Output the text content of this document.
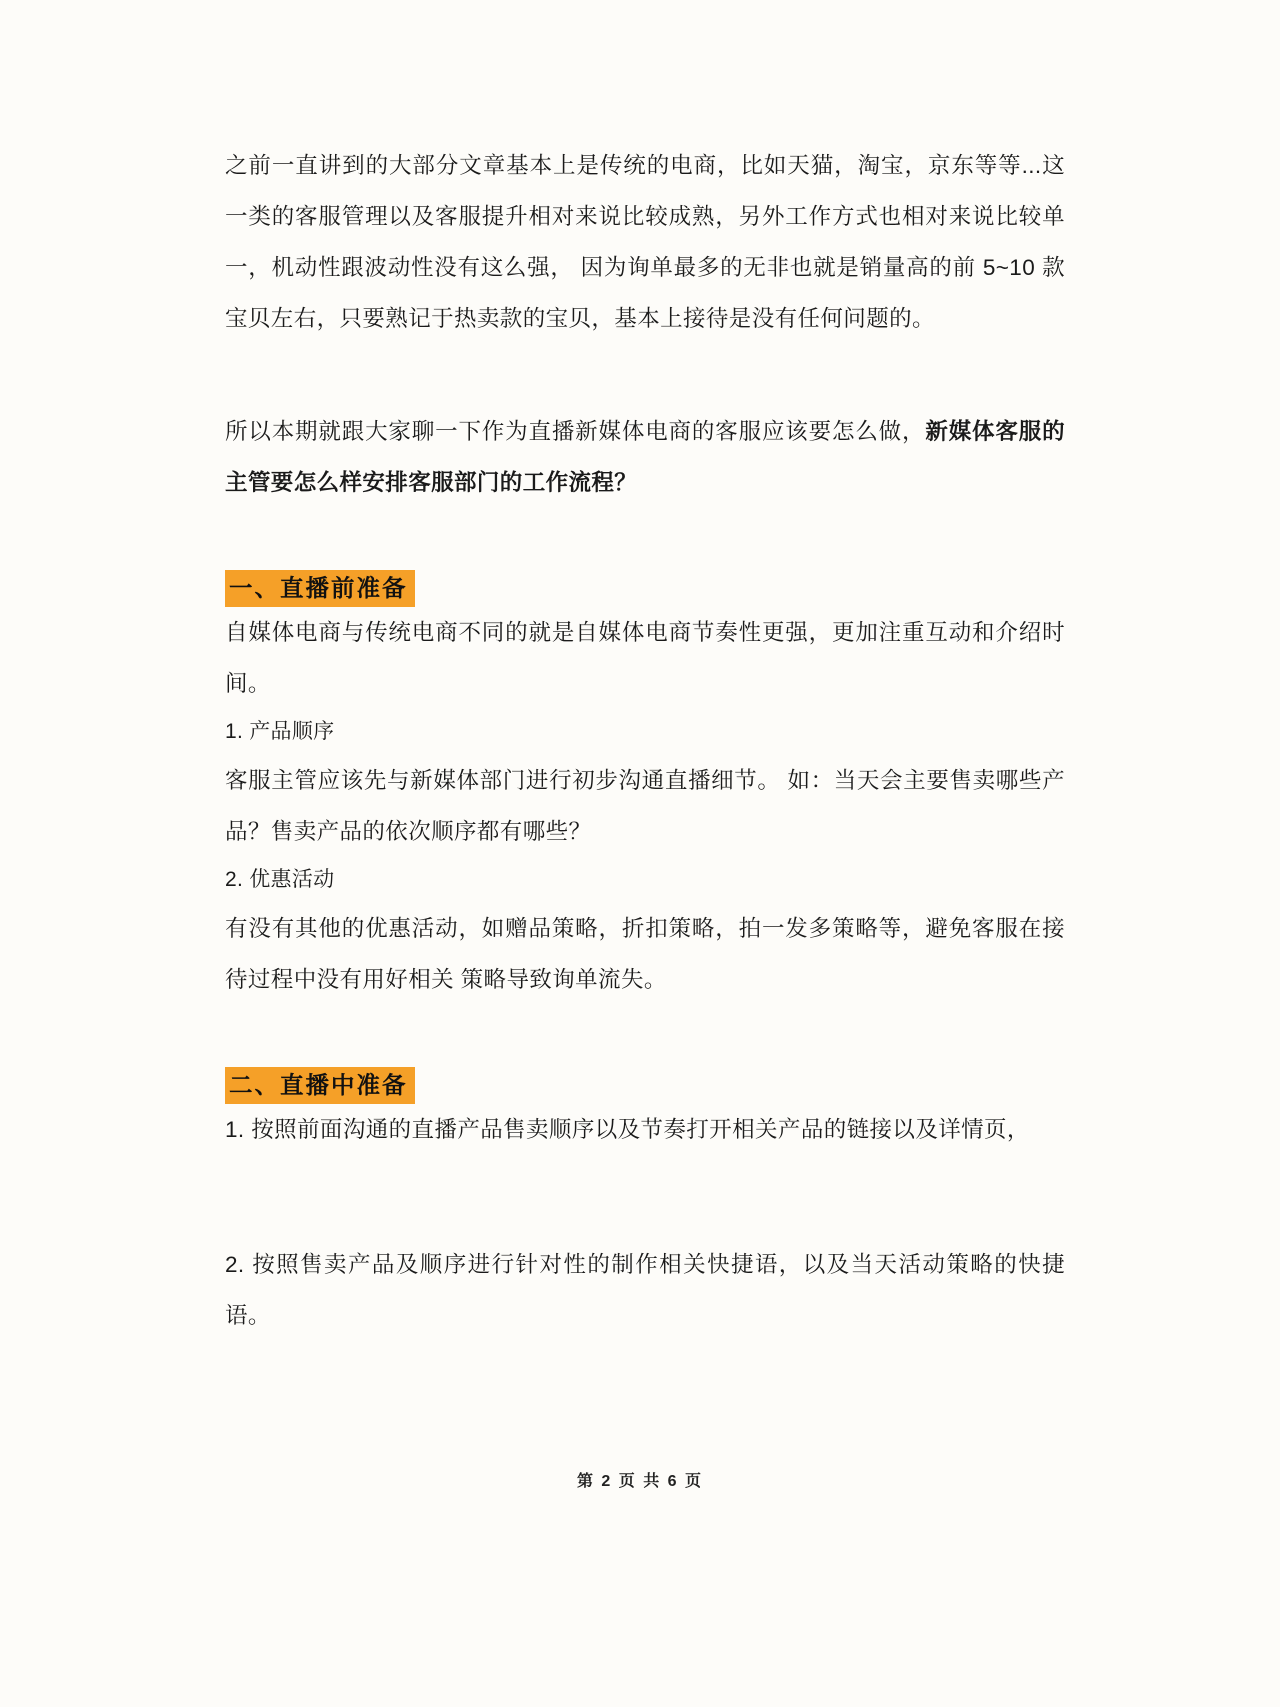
之前一直讲到的大部分文章基本上是传统的电商，比如天猫，淘宝，京东等等...这一类的客服管理以及客服提升相对来说比较成熟，另外工作方式也相对来说比较单一，机动性跟波动性没有这么强， 因为询单最多的无非也就是销量高的前 5~10 款宝贝左右，只要熟记于热卖款的宝贝，基本上接待是没有任何问题的。

所以本期就跟大家聊一下作为直播新媒体电商的客服应该要怎么做，新媒体客服的主管要怎么样安排客服部门的工作流程？

一、直播前准备

自媒体电商与传统电商不同的就是自媒体电商节奏性更强，更加注重互动和介绍时间。

1. 产品顺序

客服主管应该先与新媒体部门进行初步沟通直播细节。 如：当天会主要售卖哪些产品？售卖产品的依次顺序都有哪些？

2. 优惠活动

有没有其他的优惠活动，如赠品策略，折扣策略，拍一发多策略等，避免客服在接待过程中没有用好相关 策略导致询单流失。

二、直播中准备

1. 按照前面沟通的直播产品售卖顺序以及节奏打开相关产品的链接以及详情页，

2. 按照售卖产品及顺序进行针对性的制作相关快捷语，以及当天活动策略的快捷语。

第 2 页 共 6 页
